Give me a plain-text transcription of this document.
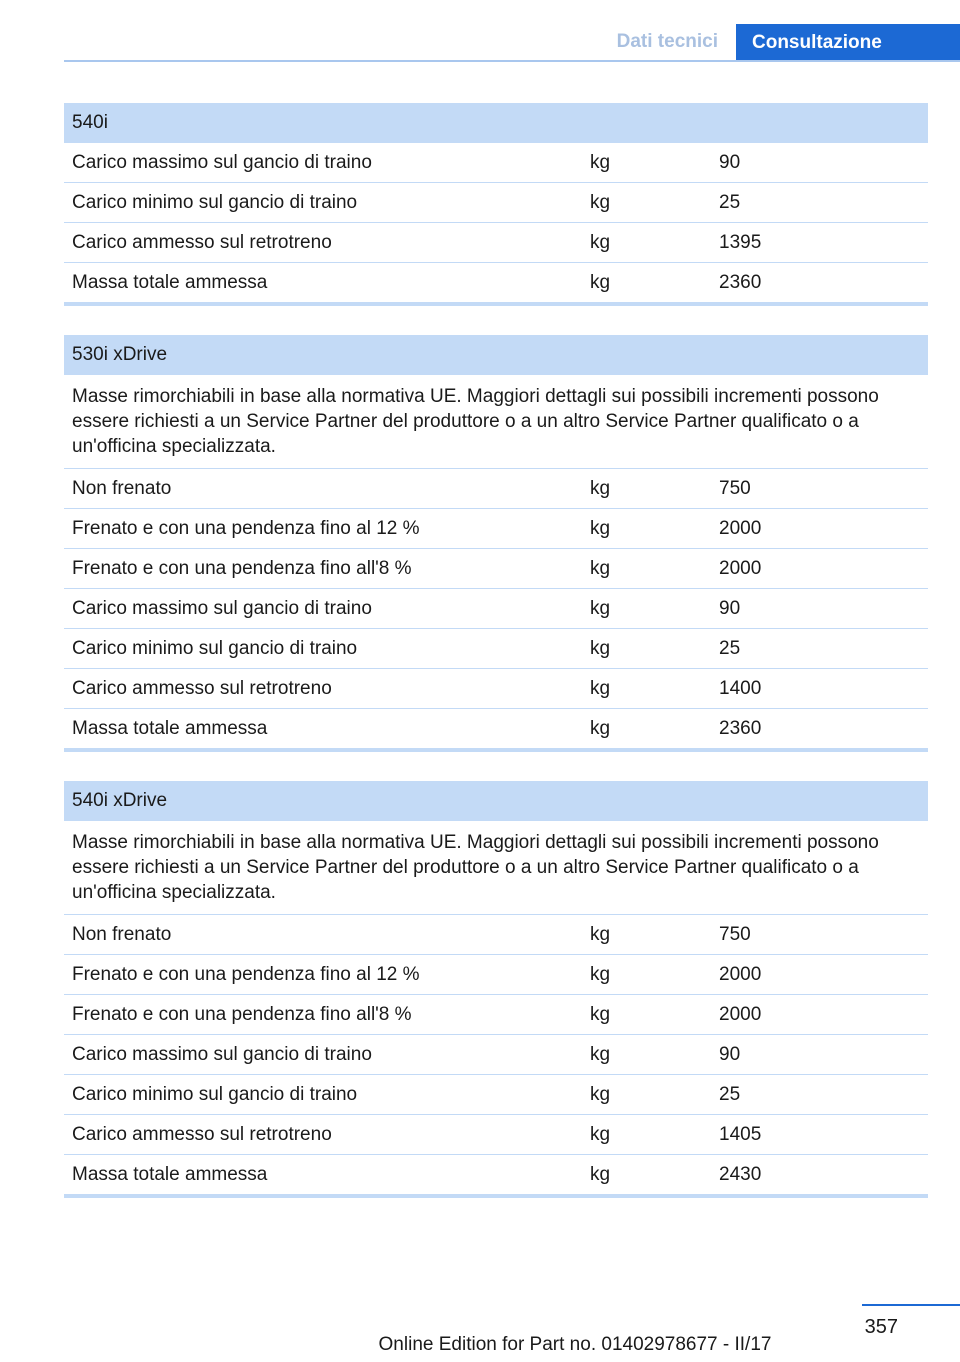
Dati tecnici	Consultazione
540i		
Carico massimo sul gancio di traino	kg	90
Carico minimo sul gancio di traino	kg	25
Carico ammesso sul retrotreno	kg	1395
Massa totale ammessa	kg	2360
530i xDrive		
Masse rimorchiabili in base alla normativa UE. Maggiori dettagli sui possibili incrementi possono essere richiesti a un Service Partner del produttore o a un altro Service Partner qualificato o a un'officina specializzata.		
Non frenato	kg	750
Frenato e con una pendenza fino al 12 %	kg	2000
Frenato e con una pendenza fino all'8 %	kg	2000
Carico massimo sul gancio di traino	kg	90
Carico minimo sul gancio di traino	kg	25
Carico ammesso sul retrotreno	kg	1400
Massa totale ammessa	kg	2360
540i xDrive		
Masse rimorchiabili in base alla normativa UE. Maggiori dettagli sui possibili incrementi possono essere richiesti a un Service Partner del produttore o a un altro Service Partner qualificato o a un'officina specializzata.		
Non frenato	kg	750
Frenato e con una pendenza fino al 12 %	kg	2000
Frenato e con una pendenza fino all'8 %	kg	2000
Carico massimo sul gancio di traino	kg	90
Carico minimo sul gancio di traino	kg	25
Carico ammesso sul retrotreno	kg	1405
Massa totale ammessa	kg	2430
357
Online Edition for Part no. 01402978677 - II/17
